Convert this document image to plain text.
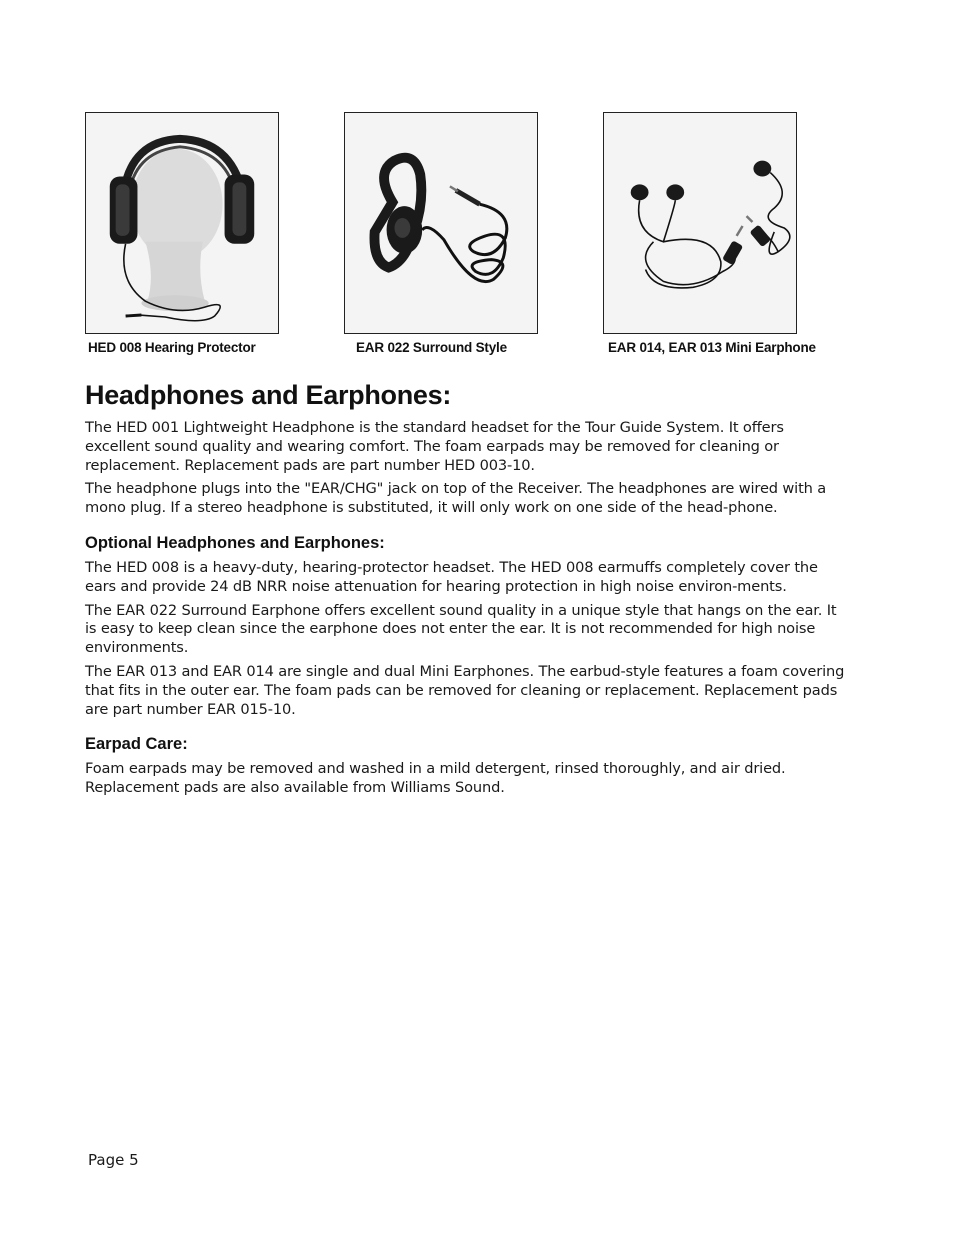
HED 008 Hearing Protector	EAR 022 Surround Style	EAR 014, EAR 013 Mini Earphone
Headphones and Earphones:

The HED 001 Lightweight Headphone is the standard headset for the Tour Guide System. It offers excellent sound quality and wearing comfort. The foam earpads may be removed for cleaning or replacement. Replacement pads are part number HED 003-10.

The headphone plugs into the "EAR/CHG" jack on top of the Receiver. The headphones are wired with a mono plug. If a stereo headphone is substituted, it will only work on one side of the head-phone.

Optional Headphones and Earphones:

The HED 008 is a heavy-duty, hearing-protector headset. The HED 008 earmuffs completely cover the ears and provide 24 dB NRR noise attenuation for hearing protection in high noise environ-ments.

The EAR 022 Surround Earphone offers excellent sound quality in a unique style that hangs on the ear. It is easy to keep clean since the earphone does not enter the ear. It is not recommended for high noise environments.

The EAR 013 and EAR 014 are single and dual Mini Earphones. The earbud-style features a foam covering that fits in the outer ear. The foam pads can be removed for cleaning or replacement. Replacement pads are part number EAR 015-10.

Earpad Care:

Foam earpads may be removed and washed in a mild detergent, rinsed thoroughly, and air dried. Replacement pads are also available from Williams Sound.

Page 5
